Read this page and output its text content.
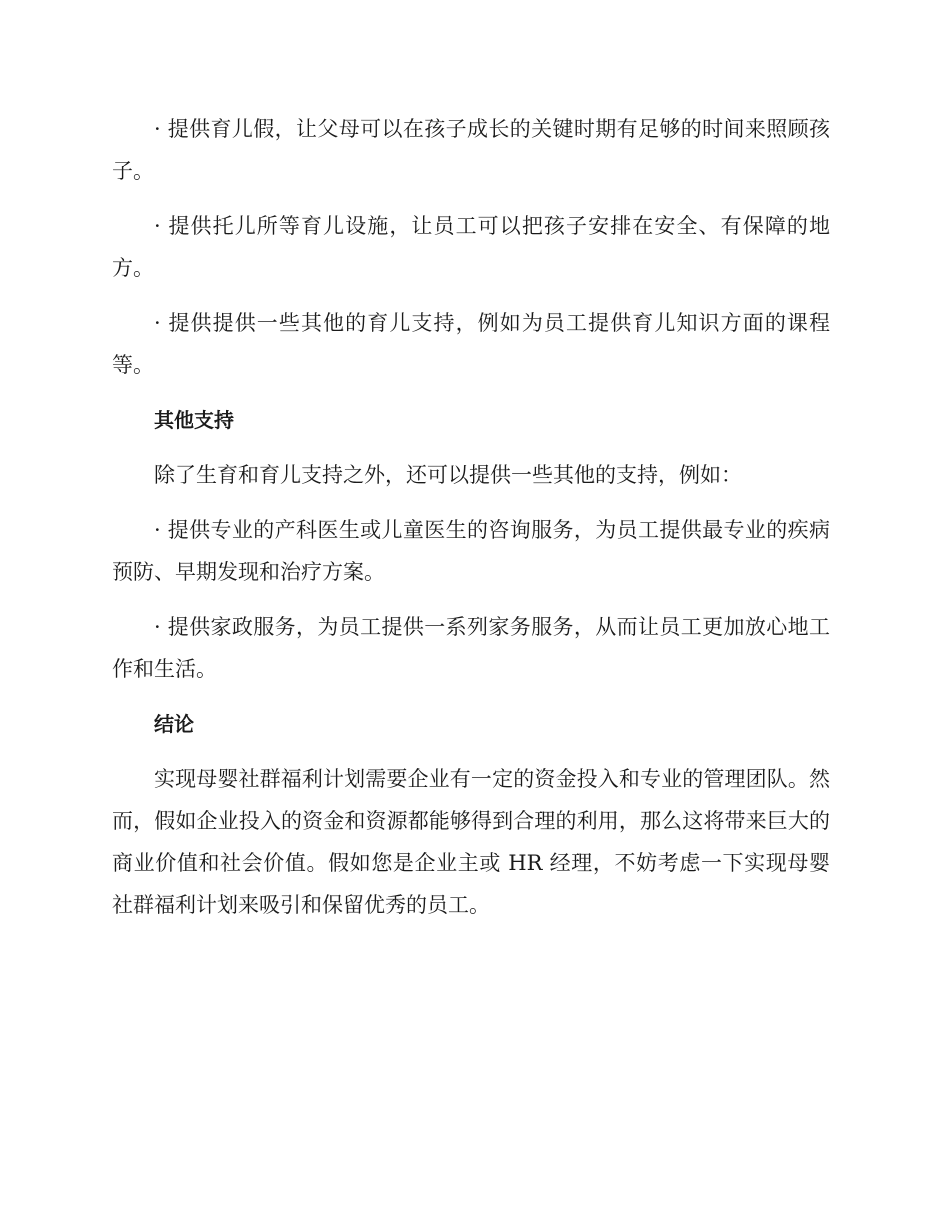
· 提供育儿假，让父母可以在孩子成长的关键时期有足够的时间来照顾孩子。

· 提供托儿所等育儿设施，让员工可以把孩子安排在安全、有保障的地方。

· 提供提供一些其他的育儿支持，例如为员工提供育儿知识方面的课程等。

其他支持

除了生育和育儿支持之外，还可以提供一些其他的支持，例如：

· 提供专业的产科医生或儿童医生的咨询服务，为员工提供最专业的疾病预防、早期发现和治疗方案。

· 提供家政服务，为员工提供一系列家务服务，从而让员工更加放心地工作和生活。

结论

实现母婴社群福利计划需要企业有一定的资金投入和专业的管理团队。然而，假如企业投入的资金和资源都能够得到合理的利用，那么这将带来巨大的商业价值和社会价值。假如您是企业主或 HR 经理，不妨考虑一下实现母婴社群福利计划来吸引和保留优秀的员工。
